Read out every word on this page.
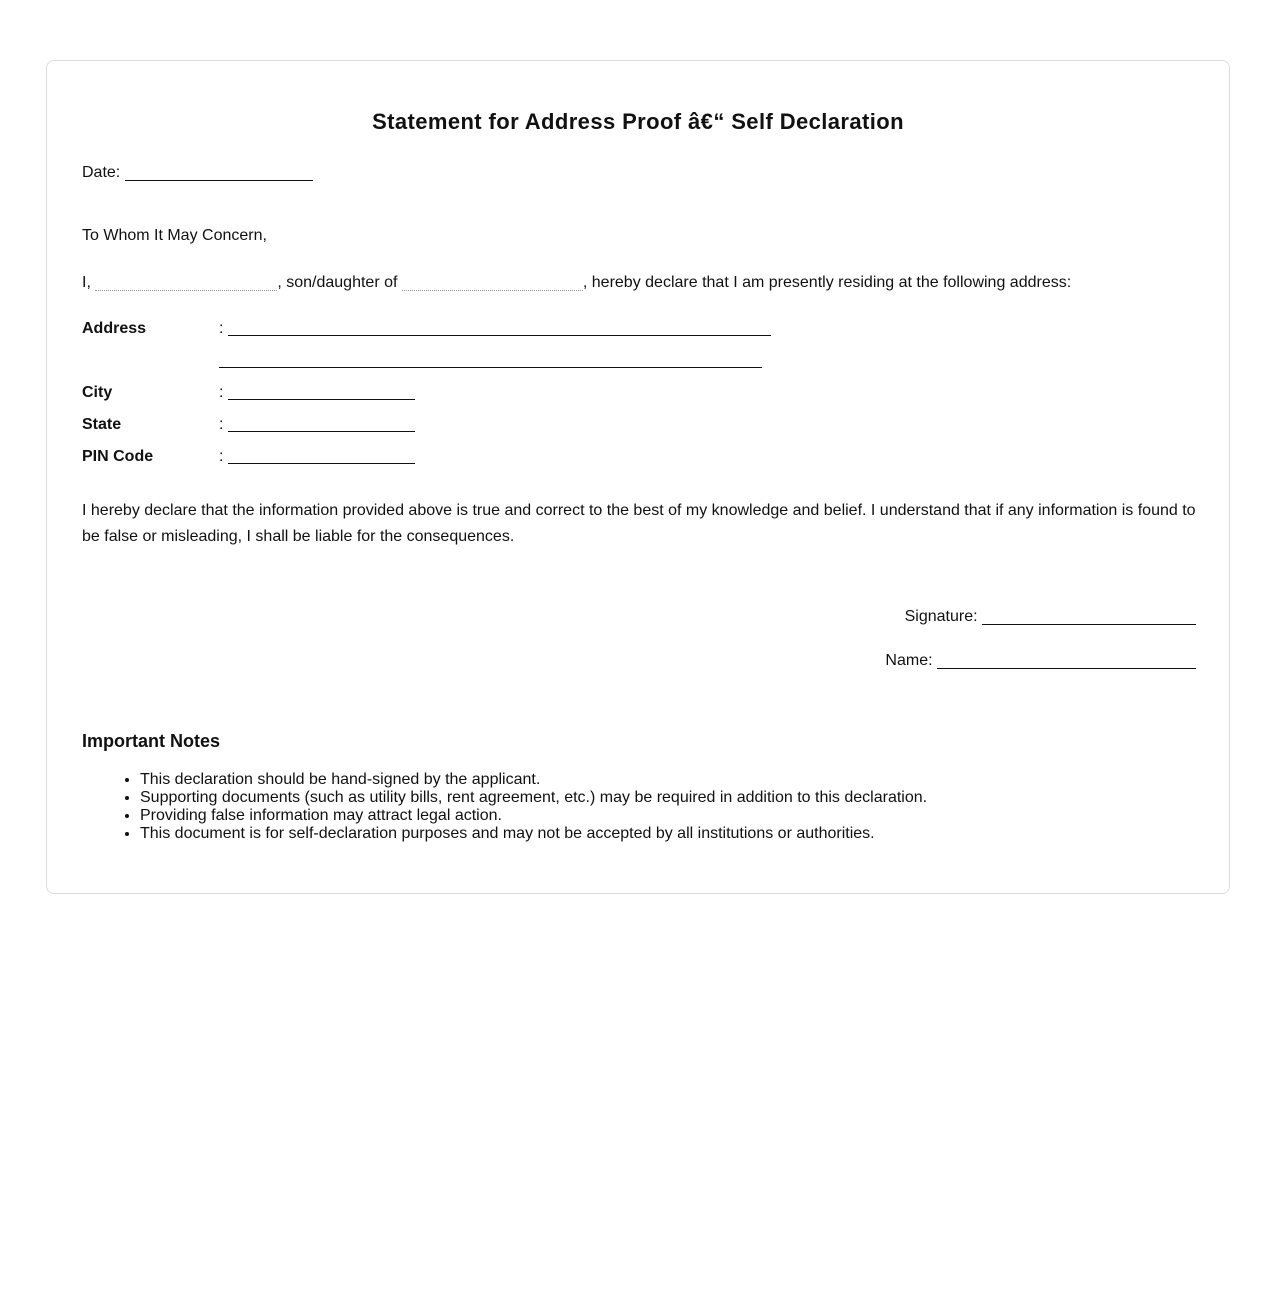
Statement for Address Proof â€“ Self Declaration
Date:
To Whom It May Concern,
I,	, son/daughter of	, hereby declare that I am presently residing at the following address:
Address	:
City	:
State	:
PIN Code	:

I hereby declare that the information provided above is true and correct to the best of my knowledge and belief. I understand that if any information is found to be false or misleading, I shall be liable for the consequences.

Signature:
Name:
Important Notes
• This declaration should be hand-signed by the applicant.
• Supporting documents (such as utility bills, rent agreement, etc.) may be required in addition to this declaration.
• Providing false information may attract legal action.
• This document is for self-declaration purposes and may not be accepted by all institutions or authorities.
